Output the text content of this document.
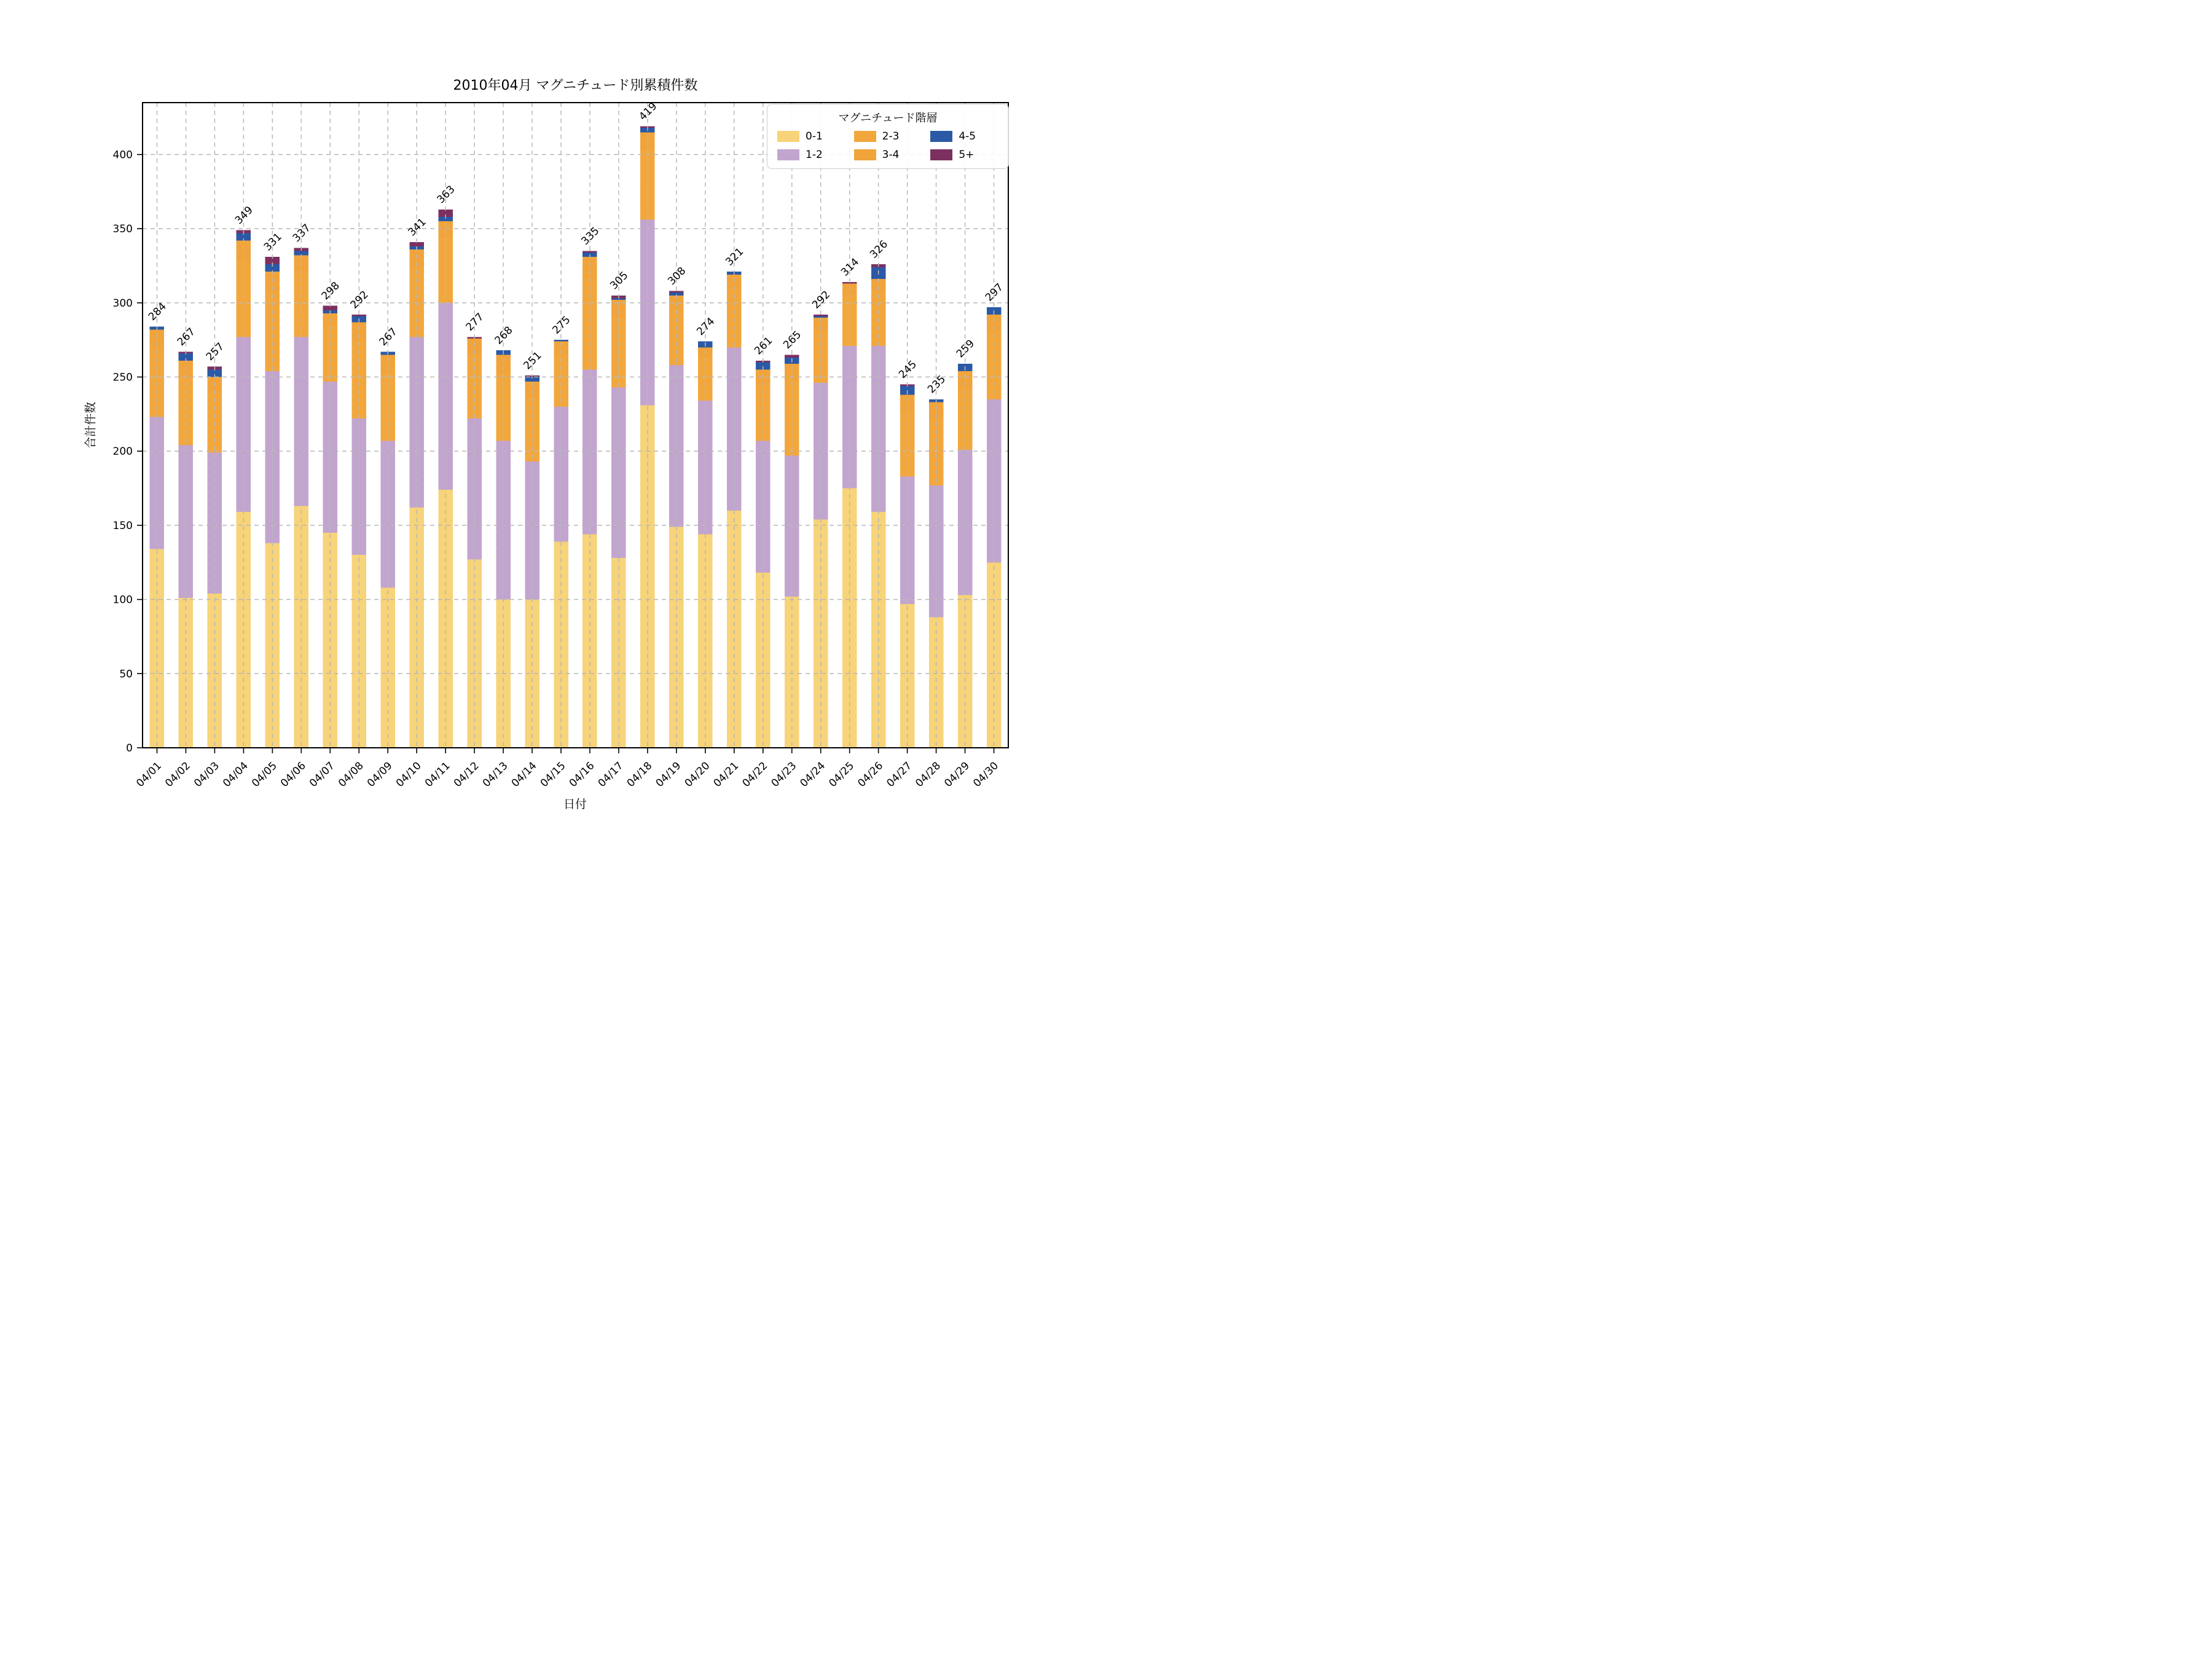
2010年04月 マグニチュード別累積件数
合計件数
日付
0
50
100
150
200
250
300
350
400
04/01
04/02
04/03
04/04
04/05
04/06
04/07
04/08
04/09
04/10
04/11
04/12
04/13
04/14
04/15
04/16
04/17
04/18
04/19
04/20
04/21
04/22
04/23
04/24
04/25
04/26
04/27
04/28
04/29
04/30
284
267
257
349
331 337
298 292
267
341
363
277
268
251
275
335
305
419
308
274
321
261 265
292
314
326
245
235
259
297
マグニチュード階層
0-1
1-2
2-3
3-4
4-5
5+
